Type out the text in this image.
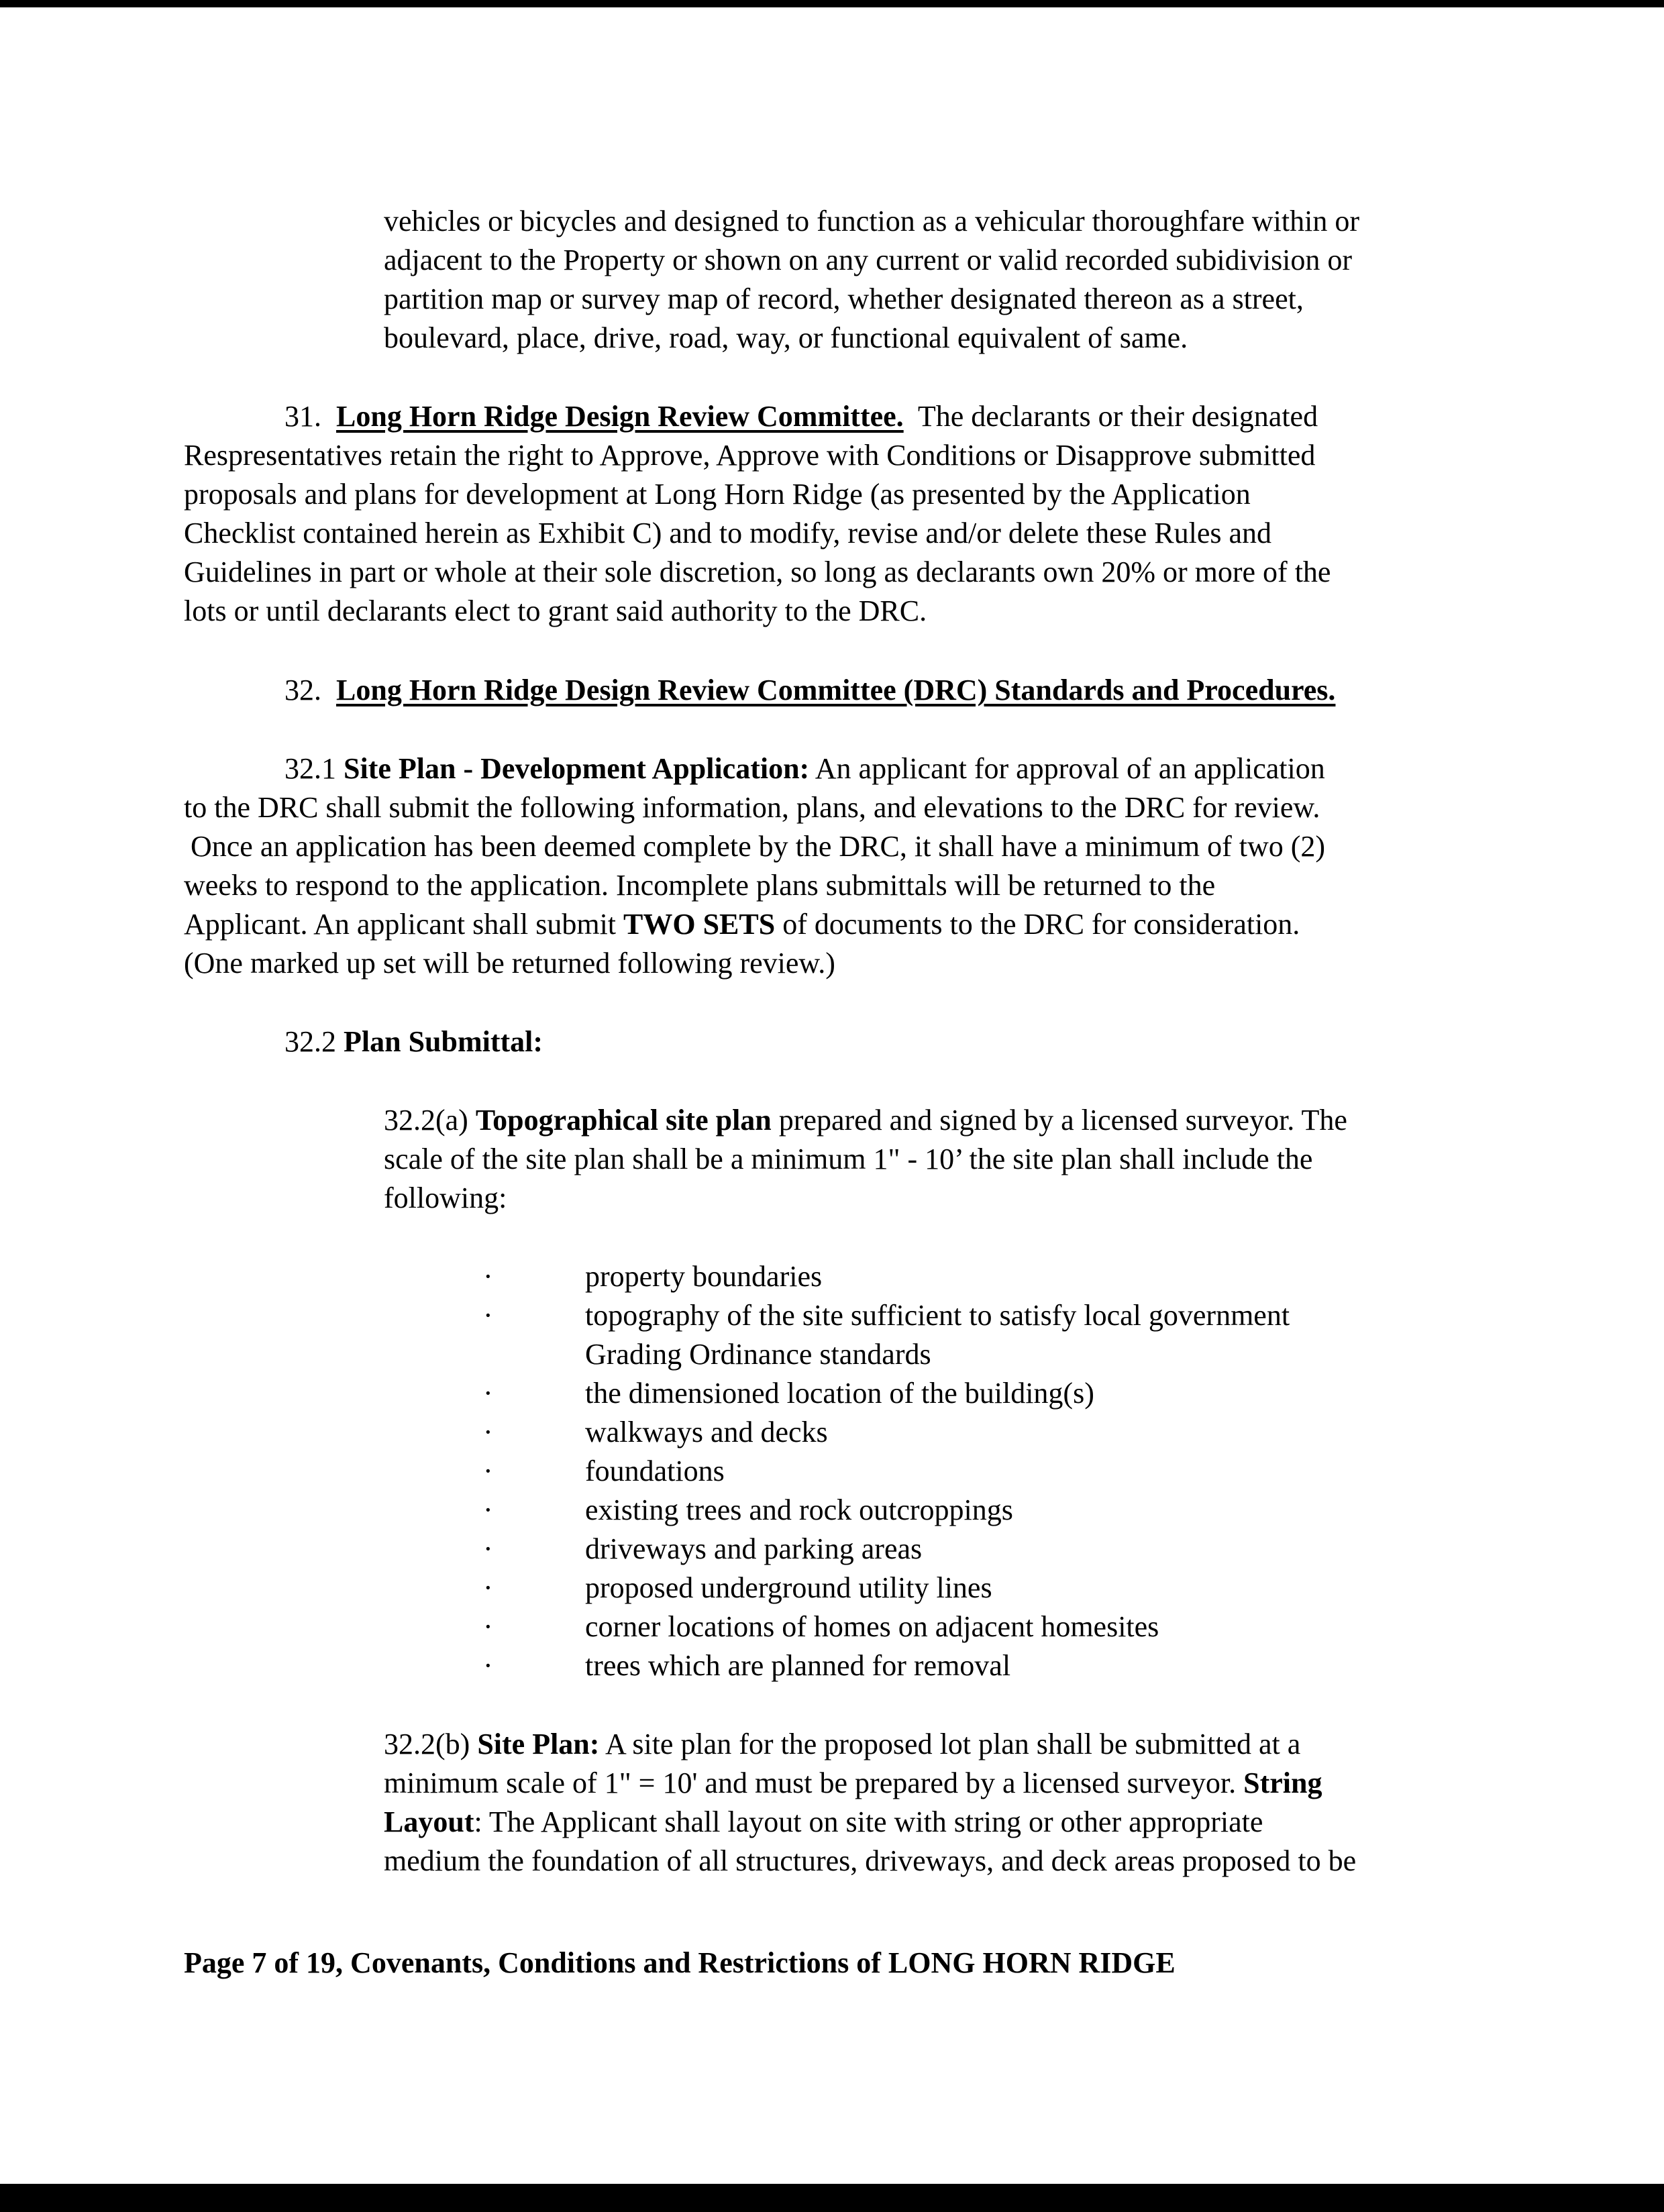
vehicles or bicycles and designed to function as a vehicular thoroughfare within or
adjacent to the Property or shown on any current or valid recorded subidivision or
partition map or survey map of record, whether designated thereon as a street,
boulevard, place, drive, road, way, or functional equivalent of same.
31. Long Horn Ridge Design Review Committee. The declarants or their designated
Respresentatives retain the right to Approve, Approve with Conditions or Disapprove submitted
proposals and plans for development at Long Horn Ridge (as presented by the Application
Checklist contained herein as Exhibit C) and to modify, revise and/or delete these Rules and
Guidelines in part or whole at their sole discretion, so long as declarants own 20% or more of the
lots or until declarants elect to grant said authority to the DRC.
32. Long Horn Ridge Design Review Committee (DRC) Standards and Procedures.
32.1 Site Plan - Development Application: An applicant for approval of an application
to the DRC shall submit the following information, plans, and elevations to the DRC for review.
Once an application has been deemed complete by the DRC, it shall have a minimum of two (2)
weeks to respond to the application. Incomplete plans submittals will be returned to the
Applicant. An applicant shall submit TWO SETS of documents to the DRC for consideration.
(One marked up set will be returned following review.)
32.2 Plan Submittal:
32.2(a) Topographical site plan prepared and signed by a licensed surveyor. The
scale of the site plan shall be a minimum 1" - 10’ the site plan shall include the
following:
·	property boundaries
·	topography of the site sufficient to satisfy local government
Grading Ordinance standards
·	the dimensioned location of the building(s)
·	walkways and decks
·	foundations
·	existing trees and rock outcroppings
·	driveways and parking areas
·	proposed underground utility lines
·	corner locations of homes on adjacent homesites
·	trees which are planned for removal
32.2(b) Site Plan: A site plan for the proposed lot plan shall be submitted at a
minimum scale of 1" = 10' and must be prepared by a licensed surveyor. String
Layout: The Applicant shall layout on site with string or other appropriate
medium the foundation of all structures, driveways, and deck areas proposed to be
Page 7 of 19, Covenants, Conditions and Restrictions of LONG HORN RIDGE
